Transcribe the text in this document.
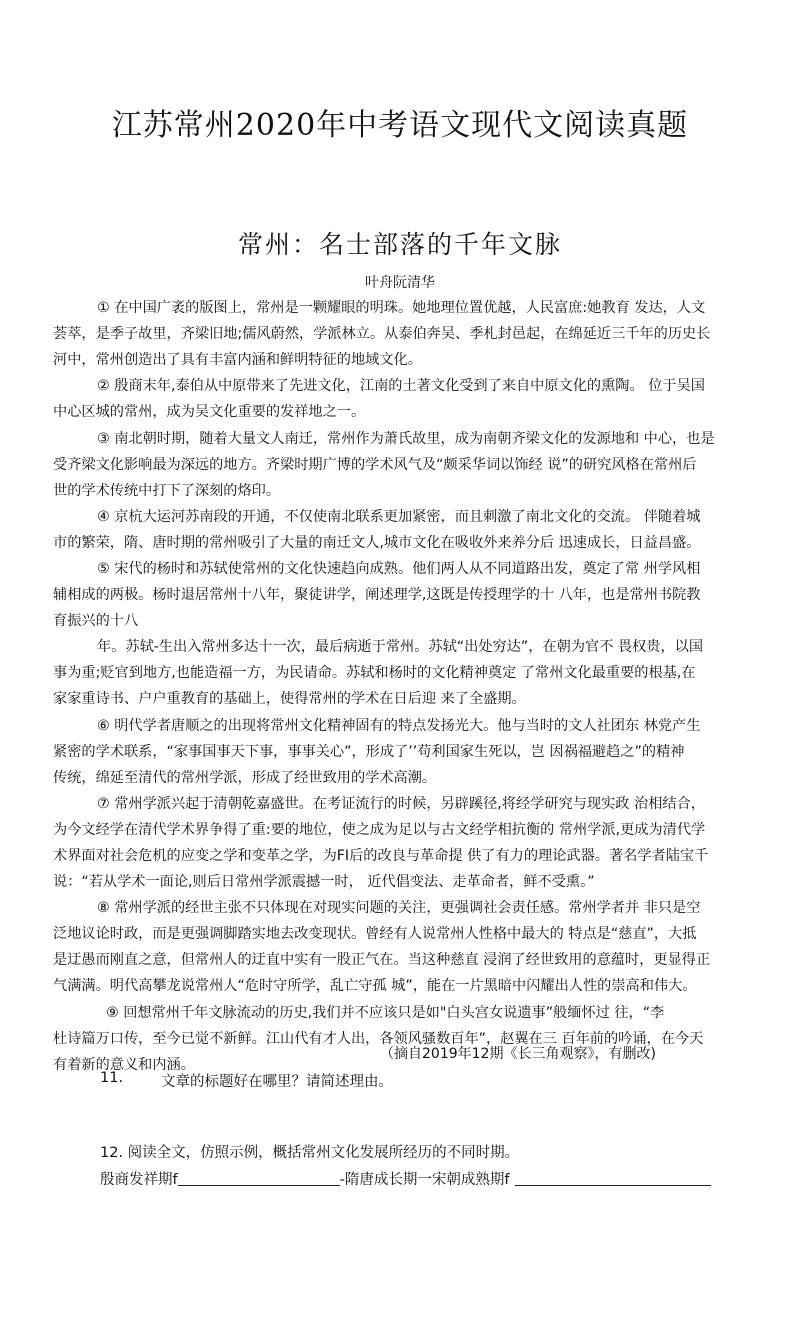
江苏常州2020年中考语文现代文阅读真题
常州：名士部落的千年文脉
叶舟阮清华
① 在中国广袤的版图上，常州是一颗耀眼的明珠。她地理位置优越，人民富庶:她教育 发达，人文
荟萃，是季子故里，齐梁旧地;儒风蔚然，学派林立。从泰伯奔吴、季札封邑起，在绵延近三千年的历史长
河中，常州创造出了具有丰富内涵和鲜明特征的地域文化。
② 殷商末年,泰伯从中原带来了先进文化，江南的土著文化受到了来自中原文化的熏陶。 位于吴国
中心区城的常州，成为吴文化重要的发祥地之一。
③ 南北朝时期，随着大量文人南迁，常州作为萧氏故里，成为南朝齐梁文化的发源地和 中心，也是
受齐梁文化影响最为深远的地方。齐梁时期广博的学术风气及“颇采华词以饰经 说”的研究风格在常州后
世的学术传统中打下了深刻的烙印。
④ 京杭大运河苏南段的开通，不仅使南北联系更加紧密，而且刺激了南北文化的交流。 伴随着城
市的繁荣，隋、唐时期的常州吸引了大量的南迁文人,城市文化在吸收外来养分后 迅速成长，日益昌盛。
⑤ 宋代的杨时和苏轼使常州的文化快速趋向成熟。他们两人从不同道路出发，奠定了常 州学风相
辅相成的两极。杨时退居常州十八年，聚徒讲学，阐述理学,这既是传授理学的十 八年，也是常州书院教
育振兴的十八
年。苏轼-生出入常州多达十一次，最后病逝于常州。苏轼“出处穷达”，在朝为官不 畏权贵，以国
事为重;贬官到地方,也能造福一方，为民请命。苏轼和杨时的文化精神奠定 了常州文化最重要的根基,在
家家重诗书、户户重教育的基础上，使得常州的学术在日后迎 来了全盛期。
⑥ 明代学者唐顺之的出现将常州文化精神固有的特点发扬光大。他与当时的文人社团东 林党产生
紧密的学术联系，“家事国事天下事，事事关心”，形成了’’苟利国家生死以，岂 因祸福避趋之”的精神
传统，绵延至清代的常州学派，形成了经世致用的学术高潮。
⑦ 常州学派兴起于清朝乾嘉盛世。在考证流行的时候，另辟蹊径,将经学研究与现实政 治相结合，
为今文经学在清代学术界争得了重:要的地位，使之成为足以与古文经学相抗衡的 常州学派,更成为清代学
术界面对社会危机的应变之学和变革之学，为FI后的改良与革命提 供了有力的理论武器。著名学者陆宝千
说：“若从学术一面论,则后日常州学派震撼一时， 近代倡变法、走革命者，鲜不受熏。”
⑧ 常州学派的经世主张不只体现在对现实问题的关注，更强调社会责任感。常州学者并 非只是空
泛地议论时政，而是更强调脚踏实地去改变现状。曾经有人说常州人性格中最大的 特点是“慈直”，大抵
是迂愚而刚直之意，但常州人的迂直中实有一股正气在。当这种慈直 浸润了经世致用的意蕴时，更显得正
气满满。明代高攀龙说常州人“危时守所学，乱亡守孤 城”，能在一片黑暗中闪耀出人性的崇高和伟大。
⑨ 回想常州千年文脉流动的历史,我们并不应该只是如"白头宫女说遗事”般缅怀过 往，“李
杜诗篇万口传，至今已觉不新鲜。江山代有才人出，各领风骚数百年”，赵翼在三 百年前的吟诵，在今天
有着新的意义和内涵。
（摘自2019年12期《长三角观察》，有删改)
11.	文章的标题好在哪里？请简述理由。
12. 阅读全文，仿照示例，概括常州文化发展所经历的不同时期。
殷商发祥期f	-隋唐成长期一宋朝成熟期f
